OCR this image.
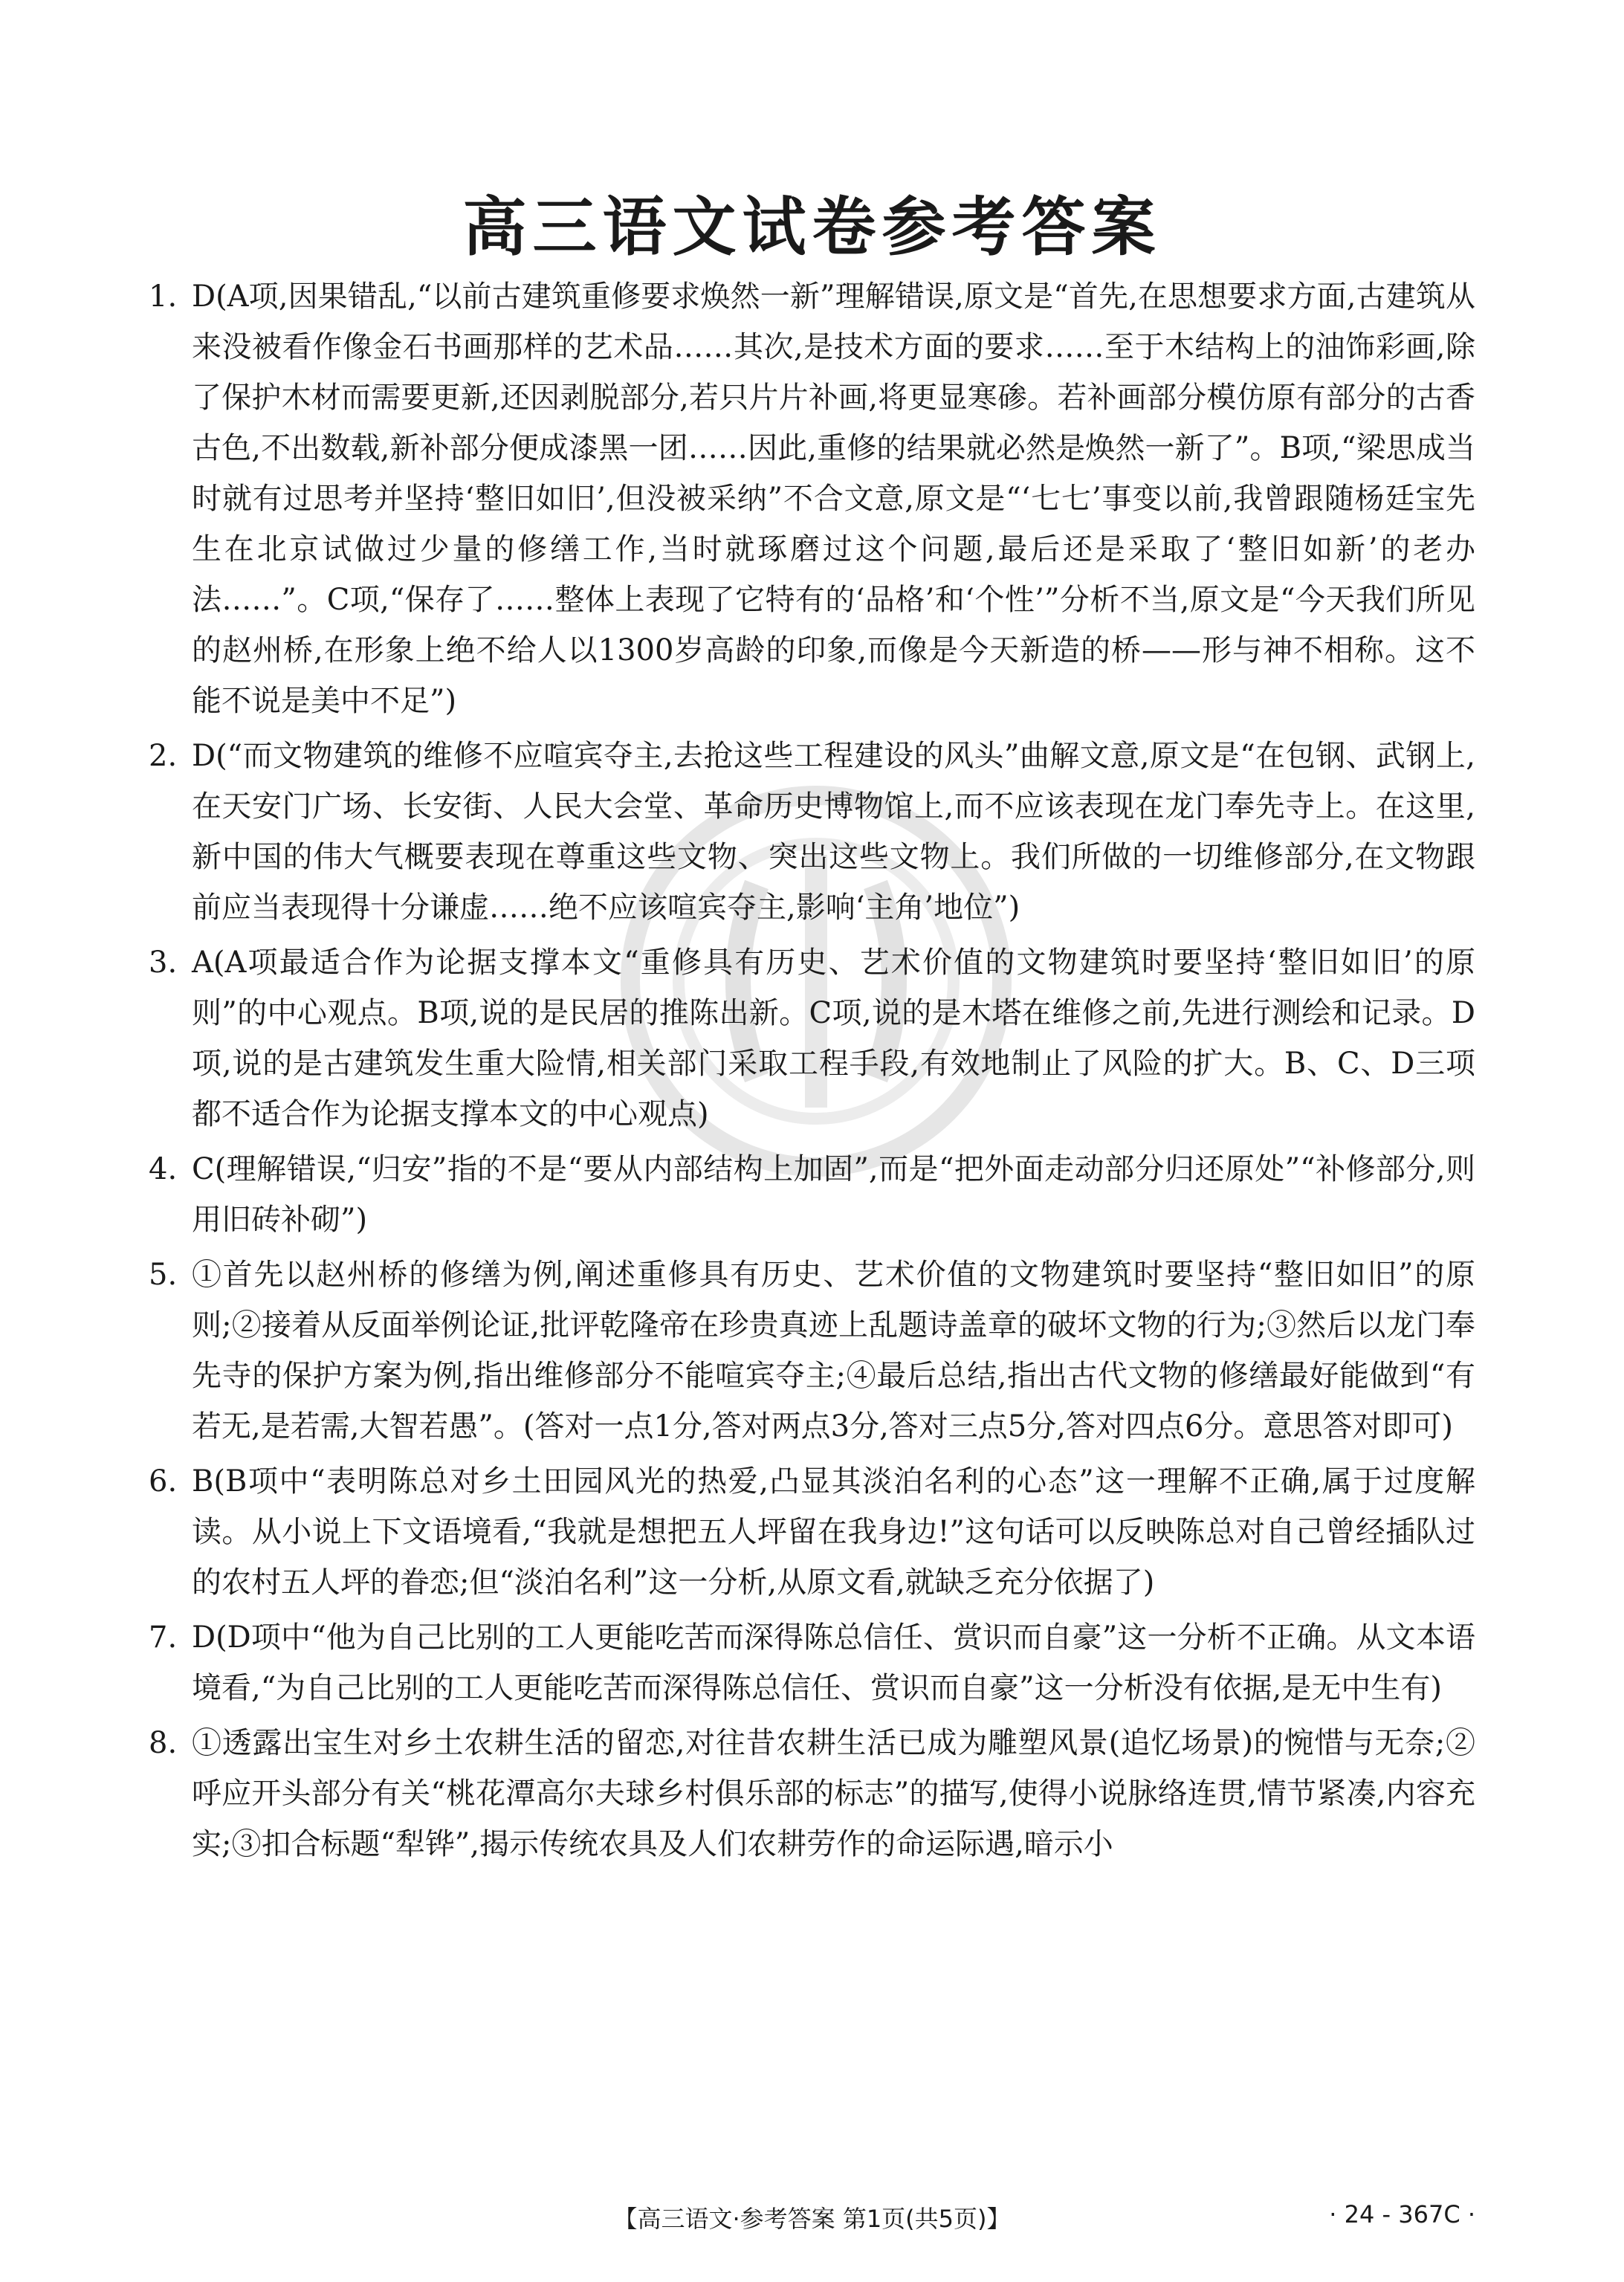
高三语文试卷参考答案
1. D(A项,因果错乱,“以前古建筑重修要求焕然一新”理解错误,原文是“首先,在思想要求方面,古建筑从来没被看作像金石书画那样的艺术品……其次,是技术方面的要求……至于木结构上的油饰彩画,除了保护木材而需要更新,还因剥脱部分,若只片片补画,将更显寒碜。若补画部分模仿原有部分的古香古色,不出数载,新补部分便成漆黑一团……因此,重修的结果就必然是焕然一新了”。B项,“梁思成当时就有过思考并坚持‘整旧如旧’,但没被采纳”不合文意,原文是“‘七七’事变以前,我曾跟随杨廷宝先生在北京试做过少量的修缮工作,当时就琢磨过这个问题,最后还是采取了‘整旧如新’的老办法……”。C项,“保存了……整体上表现了它特有的‘品格’和‘个性’”分析不当,原文是“今天我们所见的赵州桥,在形象上绝不给人以1300岁高龄的印象,而像是今天新造的桥——形与神不相称。这不能不说是美中不足”)
2. D(“而文物建筑的维修不应喧宾夺主,去抢这些工程建设的风头”曲解文意,原文是“在包钢、武钢上,在天安门广场、长安街、人民大会堂、革命历史博物馆上,而不应该表现在龙门奉先寺上。在这里,新中国的伟大气概要表现在尊重这些文物、突出这些文物上。我们所做的一切维修部分,在文物跟前应当表现得十分谦虚……绝不应该喧宾夺主,影响‘主角’地位”)
3. A(A项最适合作为论据支撑本文“重修具有历史、艺术价值的文物建筑时要坚持‘整旧如旧’的原则”的中心观点。B项,说的是民居的推陈出新。C项,说的是木塔在维修之前,先进行测绘和记录。D项,说的是古建筑发生重大险情,相关部门采取工程手段,有效地制止了风险的扩大。B、C、D三项都不适合作为论据支撑本文的中心观点)
4. C(理解错误,“归安”指的不是“要从内部结构上加固”,而是“把外面走动部分归还原处”“补修部分,则用旧砖补砌”)
5. ①首先以赵州桥的修缮为例,阐述重修具有历史、艺术价值的文物建筑时要坚持“整旧如旧”的原则;②接着从反面举例论证,批评乾隆帝在珍贵真迹上乱题诗盖章的破坏文物的行为;③然后以龙门奉先寺的保护方案为例,指出维修部分不能喧宾夺主;④最后总结,指出古代文物的修缮最好能做到“有若无,是若需,大智若愚”。(答对一点1分,答对两点3分,答对三点5分,答对四点6分。意思答对即可)
6. B(B项中“表明陈总对乡土田园风光的热爱,凸显其淡泊名利的心态”这一理解不正确,属于过度解读。从小说上下文语境看,“我就是想把五人坪留在我身边!”这句话可以反映陈总对自己曾经插队过的农村五人坪的眷恋;但“淡泊名利”这一分析,从原文看,就缺乏充分依据了)
7. D(D项中“他为自己比别的工人更能吃苦而深得陈总信任、赏识而自豪”这一分析不正确。从文本语境看,“为自己比别的工人更能吃苦而深得陈总信任、赏识而自豪”这一分析没有依据,是无中生有)
8. ①透露出宝生对乡土农耕生活的留恋,对往昔农耕生活已成为雕塑风景(追忆场景)的惋惜与无奈;②呼应开头部分有关“桃花潭高尔夫球乡村俱乐部的标志”的描写,使得小说脉络连贯,情节紧凑,内容充实;③扣合标题“犁铧”,揭示传统农具及人们农耕劳作的命运际遇,暗示小
【高三语文·参考答案 第1页(共5页)】	· 24 - 367C ·
